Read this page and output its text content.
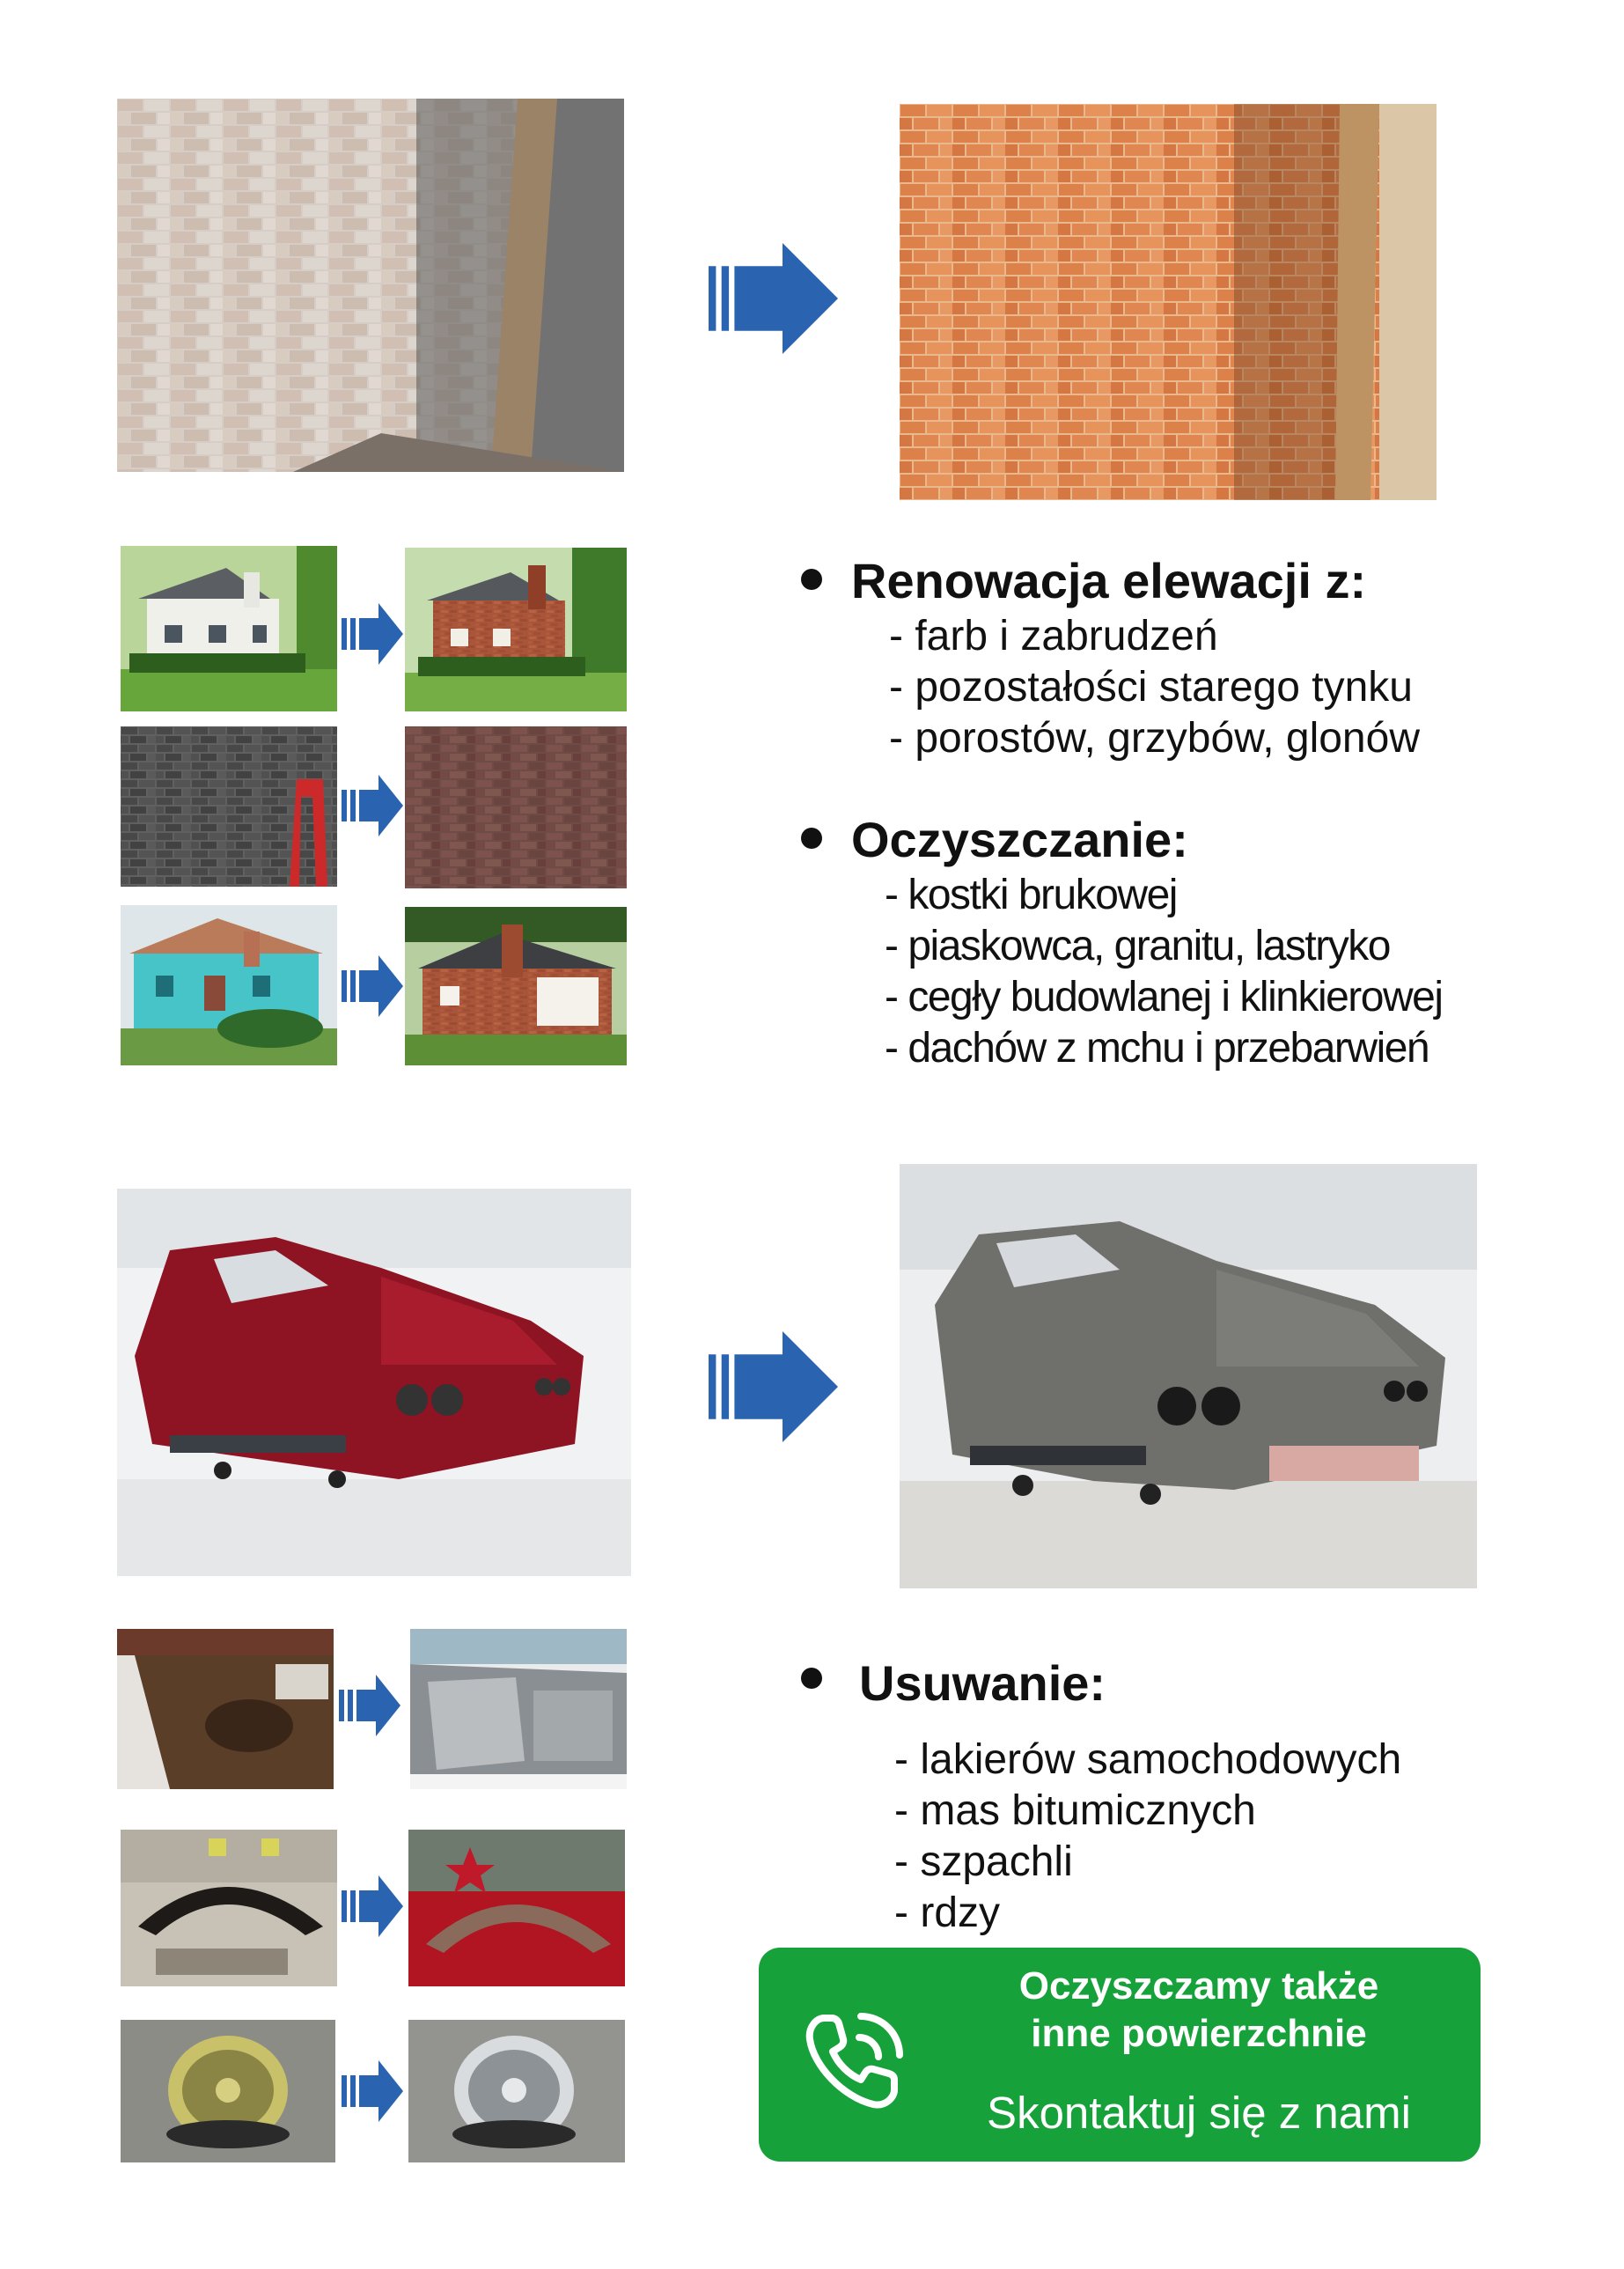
Renowacja elewacji z:
- farb i zabrudzeń
- pozostałości starego tynku
- porostów, grzybów, glonów
Oczyszczanie:
- kostki brukowej
- piaskowca, granitu, lastryko
- cegły budowlanej i klinkierowej
- dachów z mchu i przebarwień
Usuwanie:
- lakierów samochodowych
- mas bitumicznych
- szpachli
- rdzy
Oczyszczamy także
inne powierzchnie
Skontaktuj się z nami
